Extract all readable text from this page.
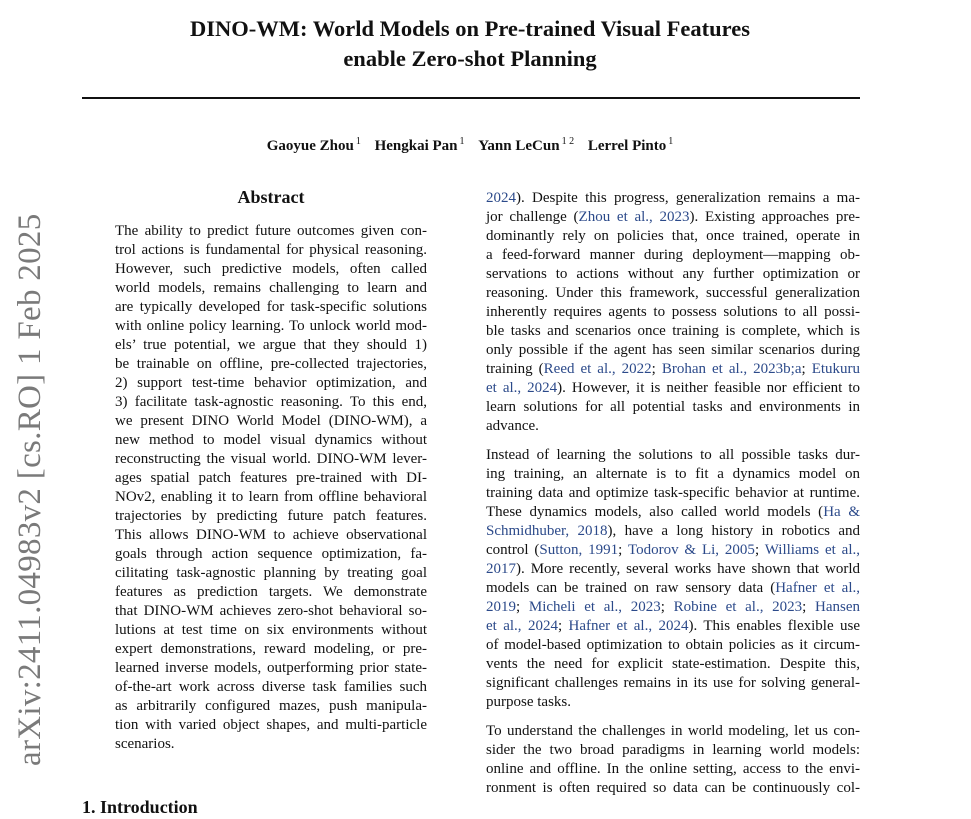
DINO-WM: World Models on Pre-trained Visual Features
enable Zero-shot Planning
Gaoyue Zhou $^1$ Hengkai Pan $^1$ Yann LeCun $^{1 2}$ Lerrel Pinto $^1$
arXiv:2411.04983v2 [cs.RO] 1 Feb 2025
Abstract
The ability to predict future outcomes given con-
trol actions is fundamental for physical reasoning.
However, such predictive models, often called
world models, remains challenging to learn and
are typically developed for task-specific solutions
with online policy learning. To unlock world mod-
els’ true potential, we argue that they should 1)
be trainable on offline, pre-collected trajectories,
2) support test-time behavior optimization, and
3) facilitate task-agnostic reasoning. To this end,
we present DINO World Model (DINO-WM), a
new method to model visual dynamics without
reconstructing the visual world. DINO-WM lever-
ages spatial patch features pre-trained with DI-
NOv2, enabling it to learn from offline behavioral
trajectories by predicting future patch features.
This allows DINO-WM to achieve observational
goals through action sequence optimization, fa-
cilitating task-agnostic planning by treating goal
features as prediction targets. We demonstrate
that DINO-WM achieves zero-shot behavioral so-
lutions at test time on six environments without
expert demonstrations, reward modeling, or pre-
learned inverse models, outperforming prior state-
of-the-art work across diverse task families such
as arbitrarily configured mazes, push manipula-
tion with varied object shapes, and multi-particle
scenarios.
2024). Despite this progress, generalization remains a ma-
jor challenge (Zhou et al., 2023). Existing approaches pre-
dominantly rely on policies that, once trained, operate in
a feed-forward manner during deployment—mapping ob-
servations to actions without any further optimization or
reasoning. Under this framework, successful generalization
inherently requires agents to possess solutions to all possi-
ble tasks and scenarios once training is complete, which is
only possible if the agent has seen similar scenarios during
training (Reed et al., 2022; Brohan et al., 2023b;a; Etukuru
et al., 2024). However, it is neither feasible nor efficient to
learn solutions for all potential tasks and environments in
advance.
Instead of learning the solutions to all possible tasks dur-
ing training, an alternate is to fit a dynamics model on
training data and optimize task-specific behavior at runtime.
These dynamics models, also called world models (Ha &
Schmidhuber, 2018), have a long history in robotics and
control (Sutton, 1991; Todorov & Li, 2005; Williams et al.,
2017). More recently, several works have shown that world
models can be trained on raw sensory data (Hafner et al.,
2019; Micheli et al., 2023; Robine et al., 2023; Hansen
et al., 2024; Hafner et al., 2024). This enables flexible use
of model-based optimization to obtain policies as it circum-
vents the need for explicit state-estimation. Despite this,
significant challenges remains in its use for solving general-
purpose tasks.
To understand the challenges in world modeling, let us con-
sider the two broad paradigms in learning world models:
online and offline. In the online setting, access to the envi-
ronment is often required so data can be continuously col-
1. Introduction
